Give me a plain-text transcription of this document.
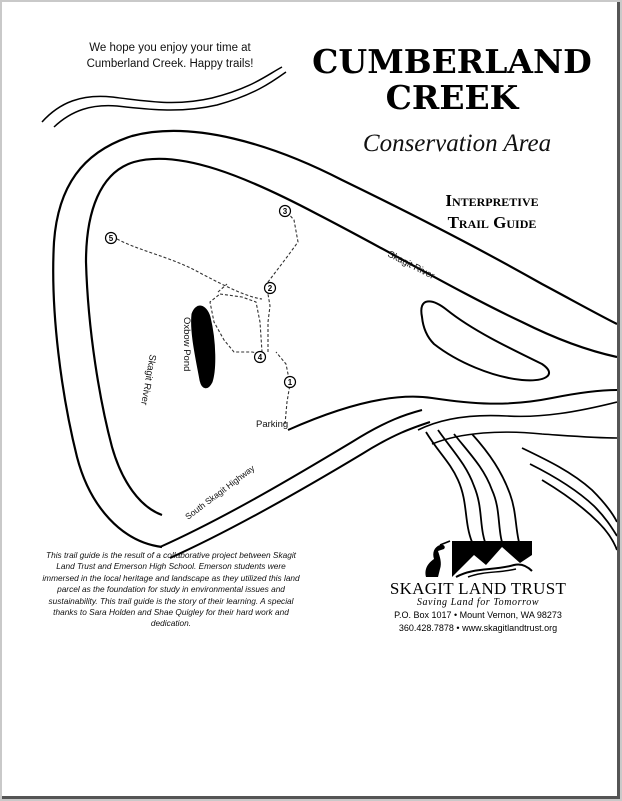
1
2
3
4
5
Skagit River
Skagit River
Oxbow Pond
South Skagit Highway
Parking
We hope you enjoy your time at
Cumberland Creek. Happy trails!	CUMBERLAND
CREEK
Conservation Area
Interpretive
Trail Guide
This trail guide is the result of a collaborative project between Skagit Land Trust and Emerson High School. Emerson students were immersed in the local heritage and landscape as they utilized this land parcel as the foundation for study in environmental issues and sustainability. This trail guide is the story of their learning. A special thanks to Sara Holden and Shae Quigley for their hard work and dedication.
SKAGIT LAND TRUST
Saving Land for Tomorrow
P.O. Box 1017 • Mount Vernon, WA 98273
360.428.7878 • www.skagitlandtrust.org
